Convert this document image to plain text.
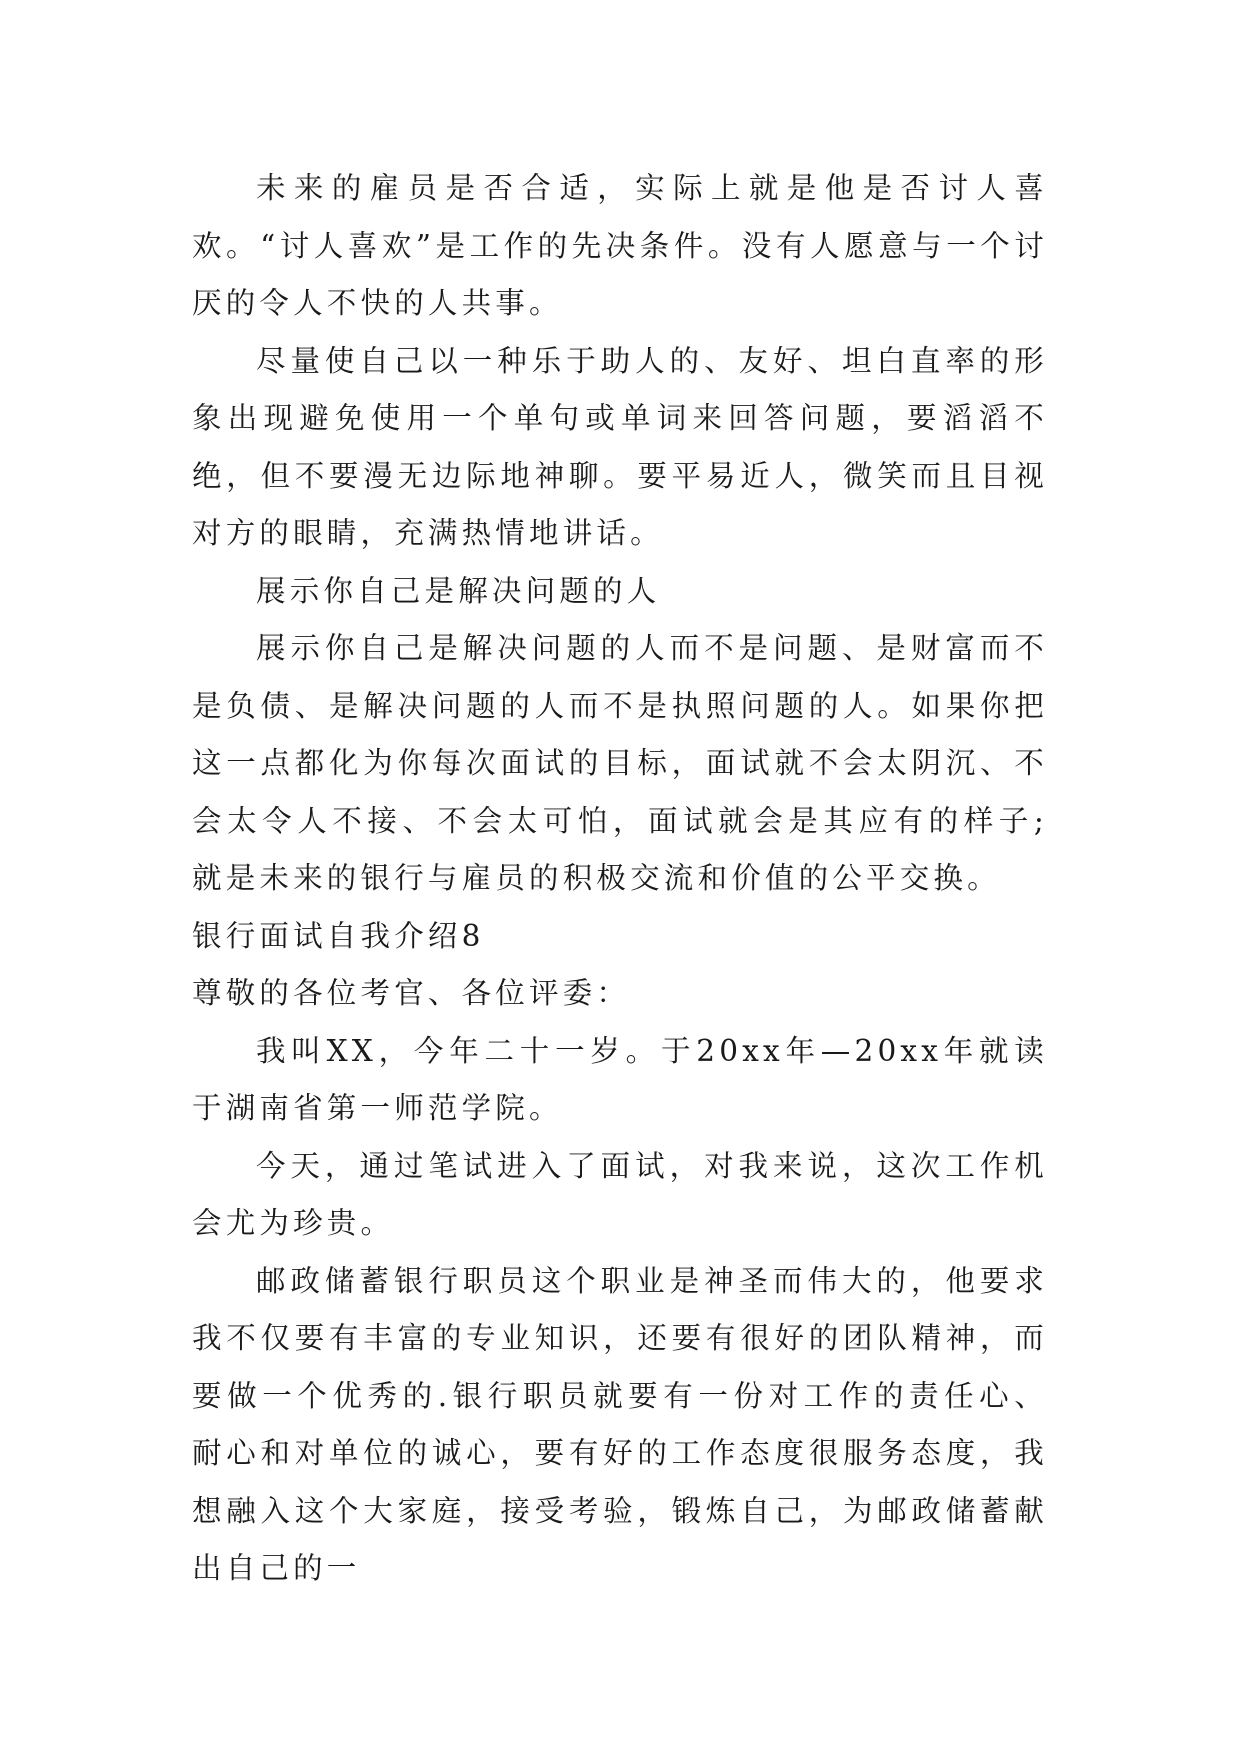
未来的雇员是否合适，实际上就是他是否讨人喜欢。“讨人喜欢”是工作的先决条件。没有人愿意与一个讨厌的令人不快的人共事。

尽量使自己以一种乐于助人的、友好、坦白直率的形象出现避免使用一个单句或单词来回答问题，要滔滔不绝，但不要漫无边际地神聊。要平易近人，微笑而且目视对方的眼睛，充满热情地讲话。

展示你自己是解决问题的人

展示你自己是解决问题的人而不是问题、是财富而不是负债、是解决问题的人而不是执照问题的人。如果你把这一点都化为你每次面试的目标，面试就不会太阴沉、不会太令人不接、不会太可怕，面试就会是其应有的样子;就是未来的银行与雇员的积极交流和价值的公平交换。

银行面试自我介绍8

尊敬的各位考官、各位评委：

我叫XX，今年二十一岁。于20xx年—20xx年就读于湖南省第一师范学院。

今天，通过笔试进入了面试，对我来说，这次工作机会尤为珍贵。

邮政储蓄银行职员这个职业是神圣而伟大的，他要求我不仅要有丰富的专业知识，还要有很好的团队精神，而要做一个优秀的.银行职员就要有一份对工作的责任心、耐心和对单位的诚心，要有好的工作态度很服务态度，我想融入这个大家庭，接受考验，锻炼自己，为邮政储蓄献出自己的一
